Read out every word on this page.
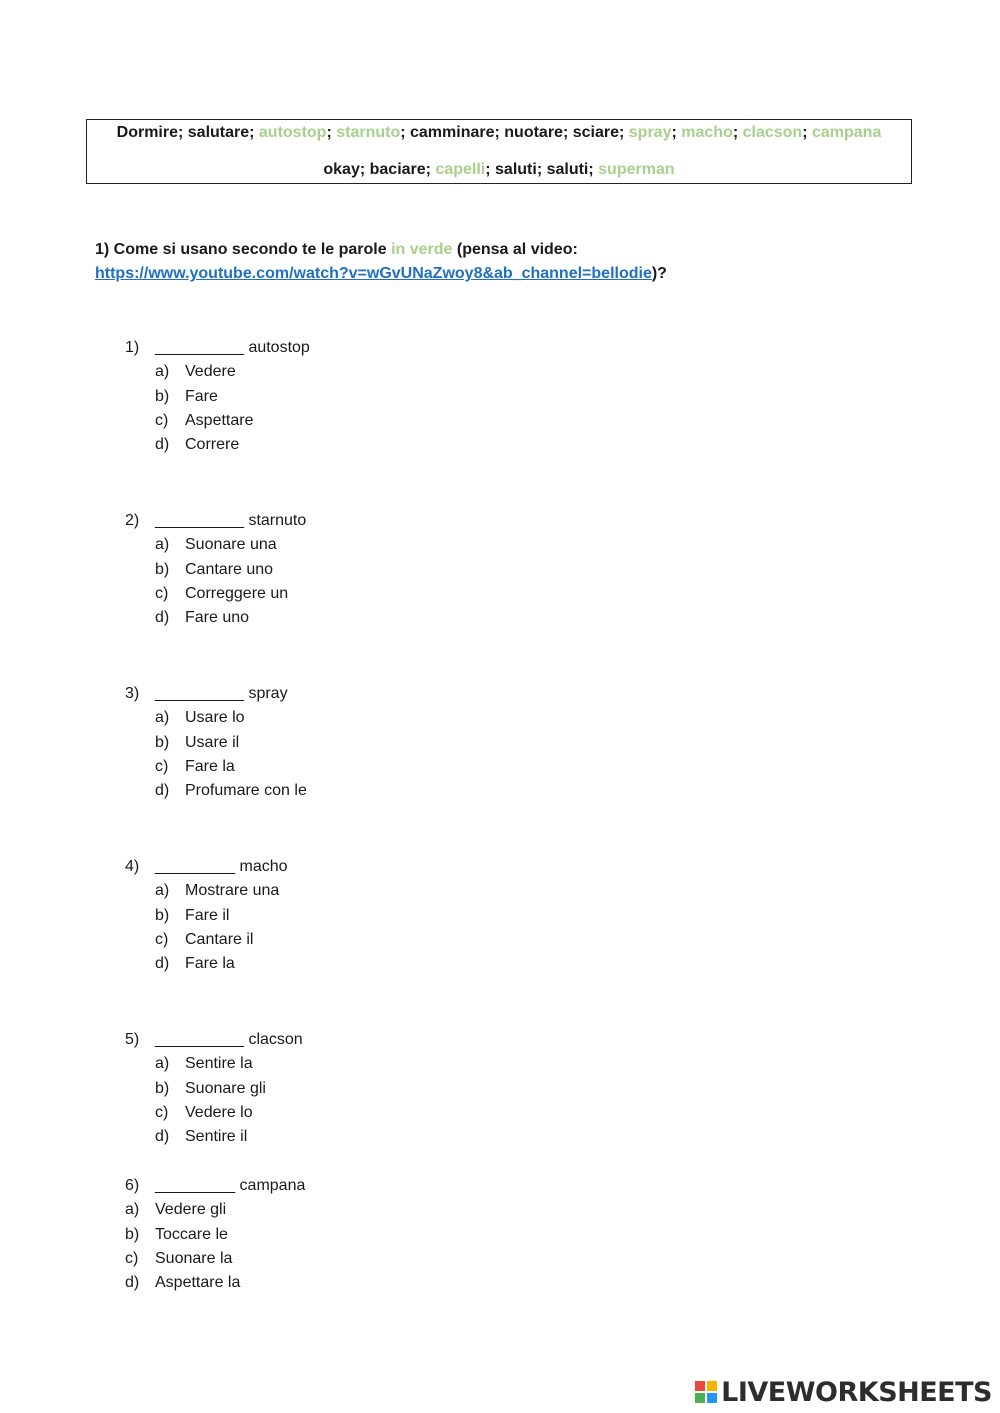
Dormire; salutare; autostop; starnuto; camminare; nuotare; sciare; spray; macho; clacson; campana
okay; baciare; capelli; saluti; saluti; superman
1) Come si usano secondo te le parole in verde (pensa al video:
https://www.youtube.com/watch?v=wGvUNaZwoy8&ab_channel=bellodie)?
1) __________
autostop
a) Vedere
b) Fare
c)	Aspettare
d) Correre
2) __________
starnuto
a) Suonare una
b) Cantare uno
c)	Correggere un
d) Fare uno
3) __________
spray
a) Usare lo
b) Usare il
c)	Fare la
d) Profumare con le
4) _________
macho
a) Mostrare una
b) Fare il
c)	Cantare il
d) Fare la
5) __________
clacson
a) Sentire la
b) Suonare gli
c)	Vedere lo
d) Sentire il
6) _________
campana
a) Vedere gli
b) Toccare le
c)	Suonare la
d) Aspettare la
LIVEWORKSHEETS
